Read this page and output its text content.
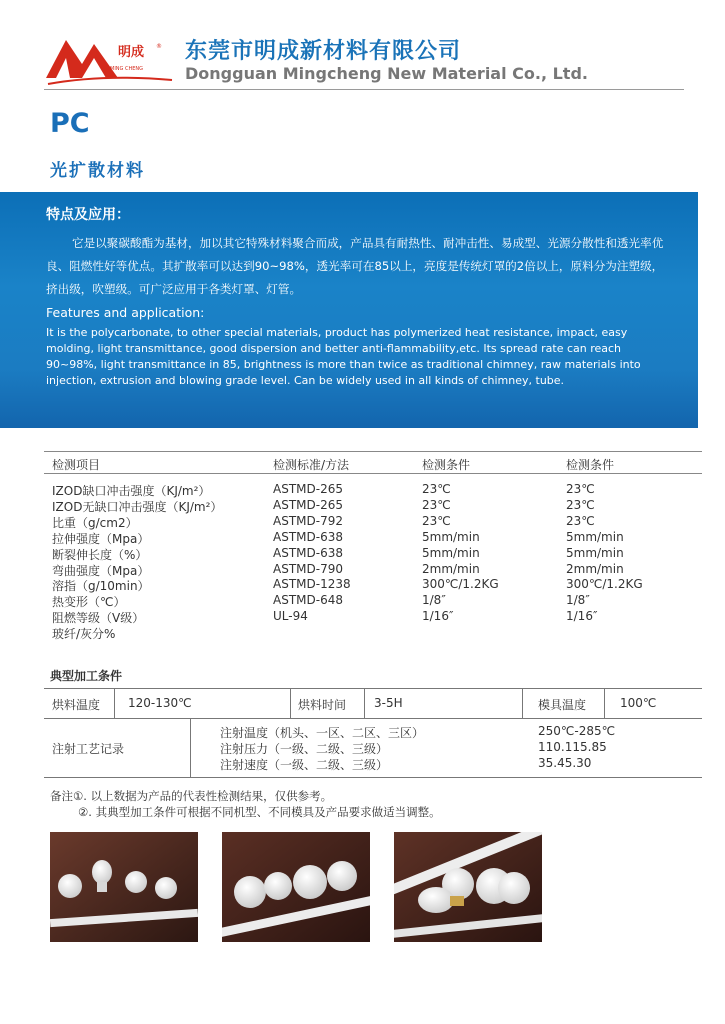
明成
MING CHENG
® 东莞市明成新材料有限公司
Dongguan Mingcheng New Material Co., Ltd.
PC
光扩散材料
特点及应用：
它是以聚碳酸酯为基材，加以其它特殊材料聚合而成，产品具有耐热性、耐冲击性、易成型、光源分散性和透光率优良、阻燃性好等优点。其扩散率可以达到90~98%，透光率可在85以上，亮度是传统灯罩的2倍以上，原料分为注塑级，挤出级，吹塑级。可广泛应用于各类灯罩、灯管。
Features and application:
It is the polycarbonate, to other special materials, product has polymerized heat resistance, impact, easy molding, light transmittance, good dispersion and better anti-flammability,etc. Its spread rate can reach 90~98%, light transmittance in 85, brightness is more than twice as traditional chimney, raw materials into injection, extrusion and blowing grade level. Can be widely used in all kinds of chimney, tube.
检测项目	检测标准/方法	检测条件	检测条件
IZOD缺口冲击强度（KJ/m²）	ASTMD-265	23℃	23℃
IZOD无缺口冲击强度（KJ/m²）	ASTMD-265	23℃	23℃
比重（g/cm2）	ASTMD-792	23℃	23℃
拉伸强度（Mpa）	ASTMD-638	5mm/min	5mm/min
断裂伸长度（%）	ASTMD-638	5mm/min	5mm/min
弯曲强度（Mpa）	ASTMD-790	2mm/min	2mm/min
溶指（g/10min）	ASTMD-1238	300℃/1.2KG	300℃/1.2KG
热变形（℃）	ASTMD-648	1/8″	1/8″
阻燃等级（V级）	UL-94	1/16″	1/16″
玻纤/灰分%
典型加工条件
烘料温度 120-130℃	烘料时间 3-5H	模具温度	100℃
注射工艺记录
注射温度（机头、一区、二区、三区）	250℃-285℃
注射压力（一级、二级、三级）	110.115.85
注射速度（一级、二级、三级）	35.45.30
备注①. 以上数据为产品的代表性检测结果，仅供参考。
②. 其典型加工条件可根据不同机型、不同模具及产品要求做适当调整。
